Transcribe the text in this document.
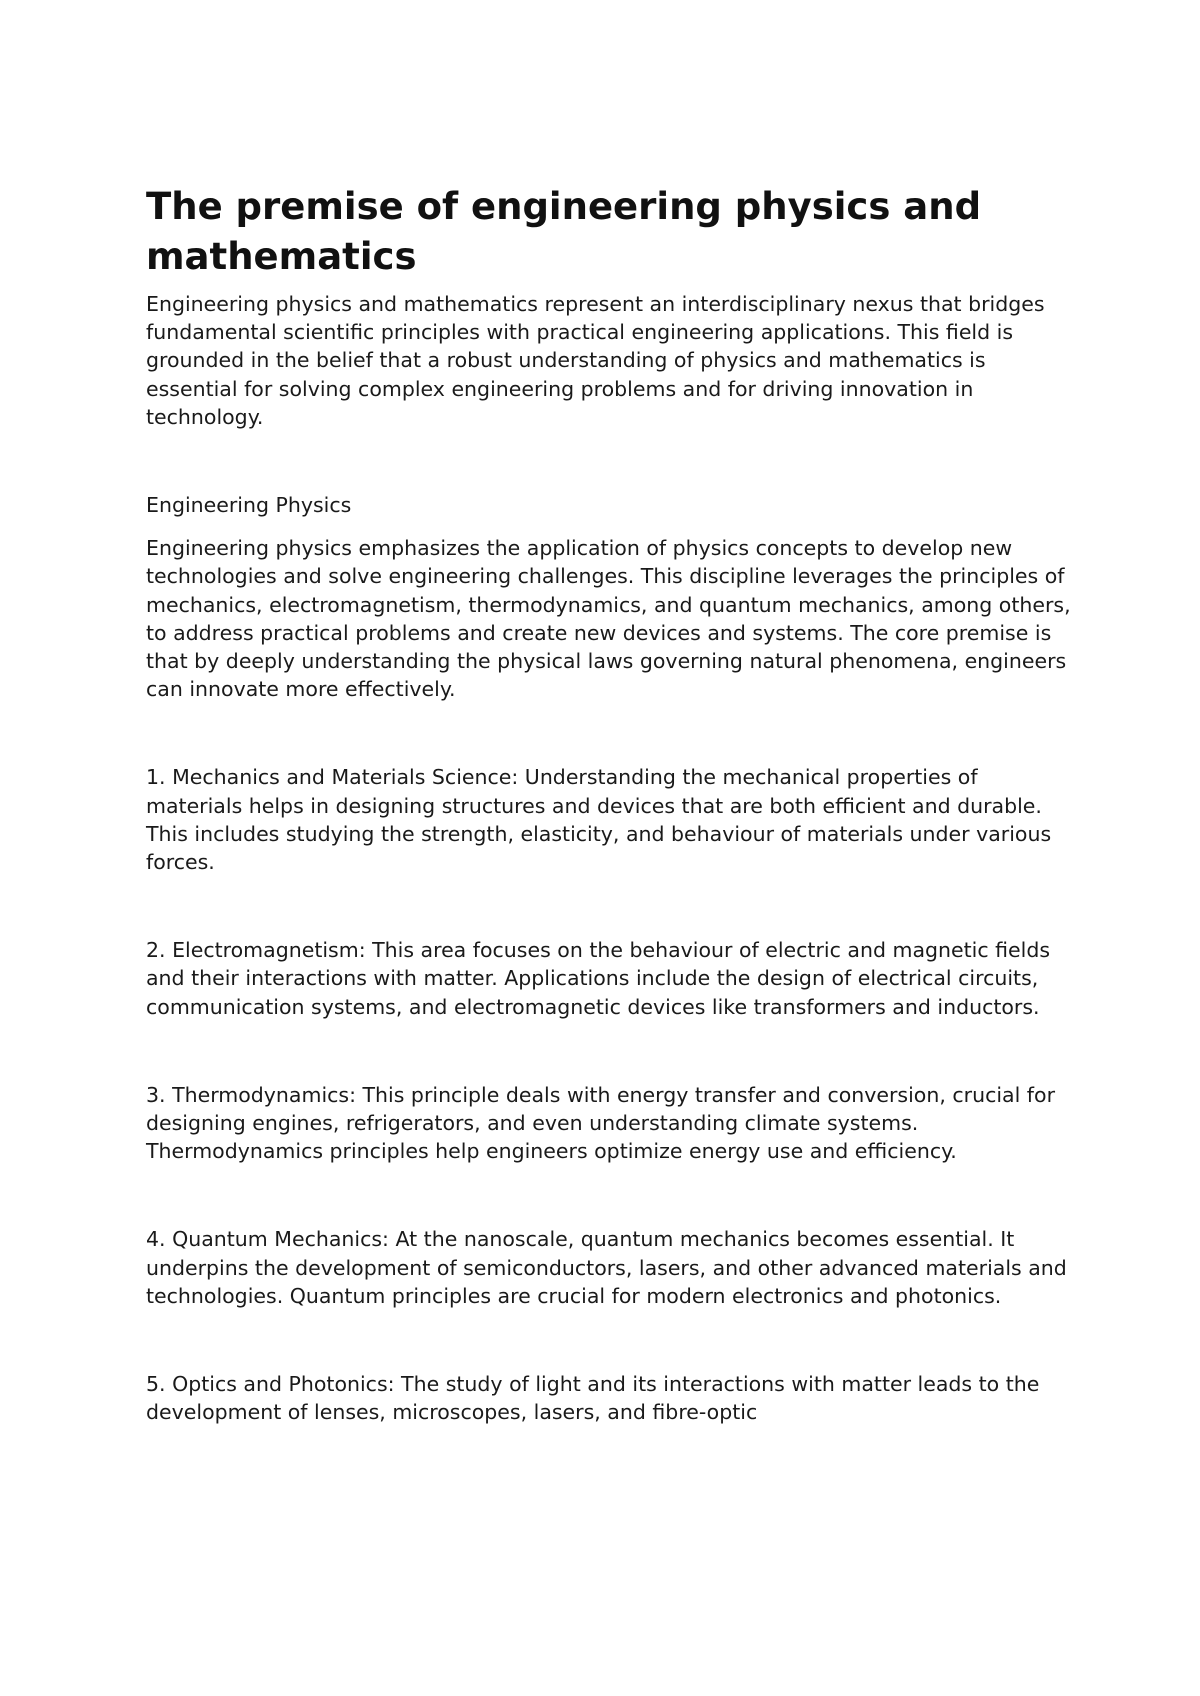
The premise of engineering physics and mathematics

Engineering physics and mathematics represent an interdisciplinary nexus that bridges fundamental scientific principles with practical engineering applications. This field is grounded in the belief that a robust understanding of physics and mathematics is essential for solving complex engineering problems and for driving innovation in technology.

Engineering Physics

Engineering physics emphasizes the application of physics concepts to develop new technologies and solve engineering challenges. This discipline leverages the principles of mechanics, electromagnetism, thermodynamics, and quantum mechanics, among others, to address practical problems and create new devices and systems. The core premise is that by deeply understanding the physical laws governing natural phenomena, engineers can innovate more effectively.

1. Mechanics and Materials Science: Understanding the mechanical properties of materials helps in designing structures and devices that are both efficient and durable. This includes studying the strength, elasticity, and behaviour of materials under various forces.

2. Electromagnetism: This area focuses on the behaviour of electric and magnetic fields and their interactions with matter. Applications include the design of electrical circuits, communication systems, and electromagnetic devices like transformers and inductors.

3. Thermodynamics: This principle deals with energy transfer and conversion, crucial for designing engines, refrigerators, and even understanding climate systems. Thermodynamics principles help engineers optimize energy use and efficiency.

4. Quantum Mechanics: At the nanoscale, quantum mechanics becomes essential. It underpins the development of semiconductors, lasers, and other advanced materials and technologies. Quantum principles are crucial for modern electronics and photonics.

5. Optics and Photonics: The study of light and its interactions with matter leads to the development of lenses, microscopes, lasers, and fibre-optic
